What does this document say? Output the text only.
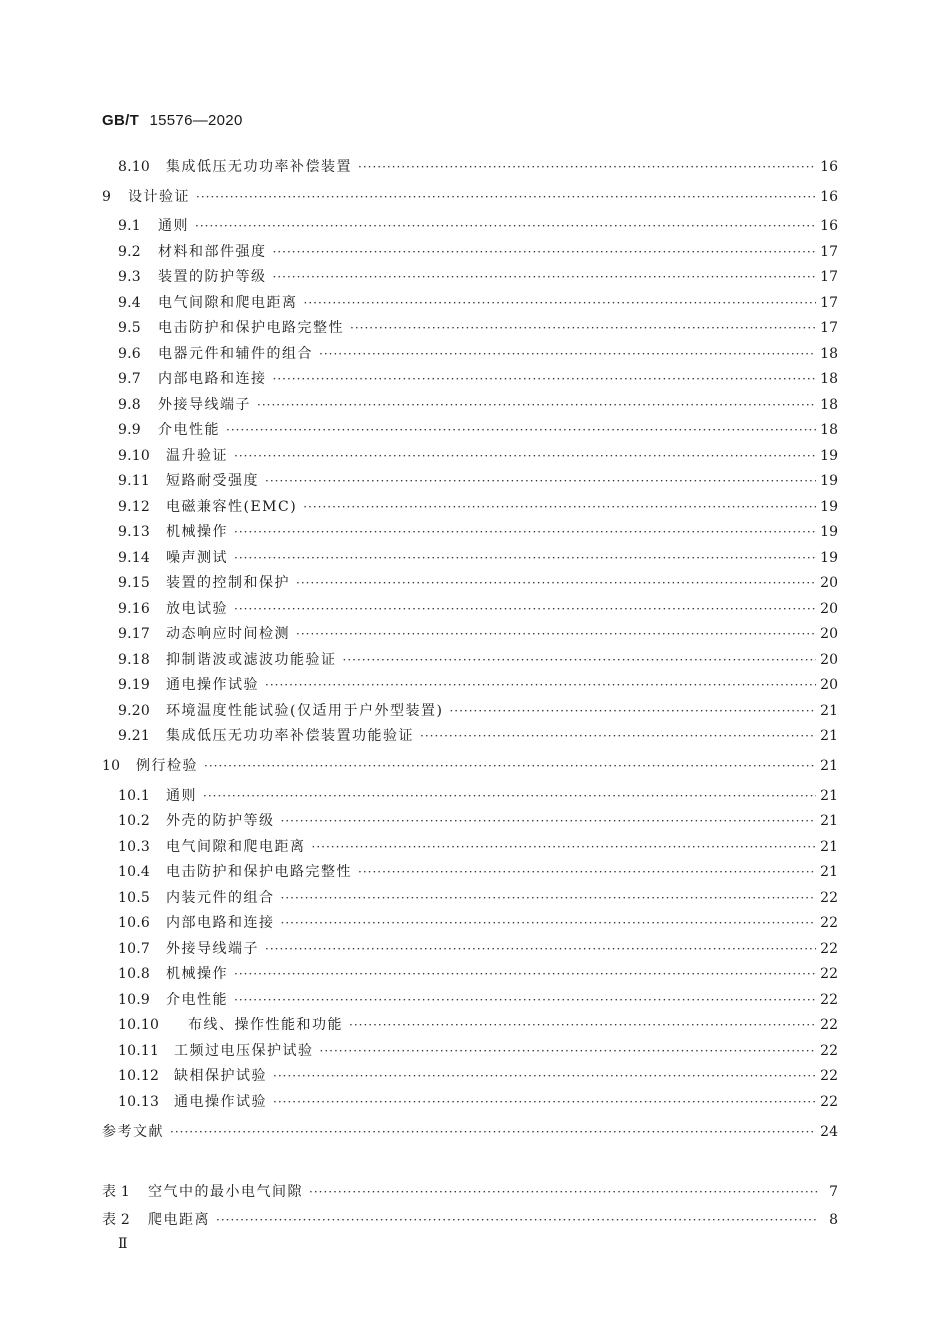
GB/T 15576—2020
8.10	集成低压无功功率补偿装置 ·····	16
9	设计验证 ·····	16
9.1	通则 ·····	16
9.2	材料和部件强度 ·····	17
9.3	装置的防护等级 ·····	17
9.4	电气间隙和爬电距离 ·····	17
9.5	电击防护和保护电路完整性 ·····	17
9.6	电器元件和辅件的组合 ·····	18
9.7	内部电路和连接 ·····	18
9.8	外接导线端子 ·····	18
9.9	介电性能 ·····	18
9.10	温升验证 ·····	19
9.11	短路耐受强度 ·····	19
9.12	电磁兼容性(EMC) ·····	19
9.13	机械操作 ·····	19
9.14	噪声测试 ·····	19
9.15	装置的控制和保护 ·····	20
9.16	放电试验 ·····	20
9.17	动态响应时间检测 ·····	20
9.18	抑制谐波或滤波功能验证 ·····	20
9.19	通电操作试验 ·····	20
9.20	环境温度性能试验(仅适用于户外型装置) ·····	21
9.21	集成低压无功功率补偿装置功能验证 ·····	21
10	例行检验 ·····	21
10.1	通则 ·····	21
10.2	外壳的防护等级 ·····	21
10.3	电气间隙和爬电距离 ·····	21
10.4	电击防护和保护电路完整性 ·····	21
10.5	内装元件的组合 ·····	22
10.6	内部电路和连接 ·····	22
10.7	外接导线端子 ·····	22
10.8	机械操作 ·····	22
10.9	介电性能 ·····	22
10.10	布线、操作性能和功能 ·····	22
10.11	工频过电压保护试验 ·····	22
10.12	缺相保护试验 ·····	22
10.13	通电操作试验 ·····	22
参考文献 ·····	24
表 1	空气中的最小电气间隙 ·····	7
表 2	爬电距离 ·····	8
Ⅱ
